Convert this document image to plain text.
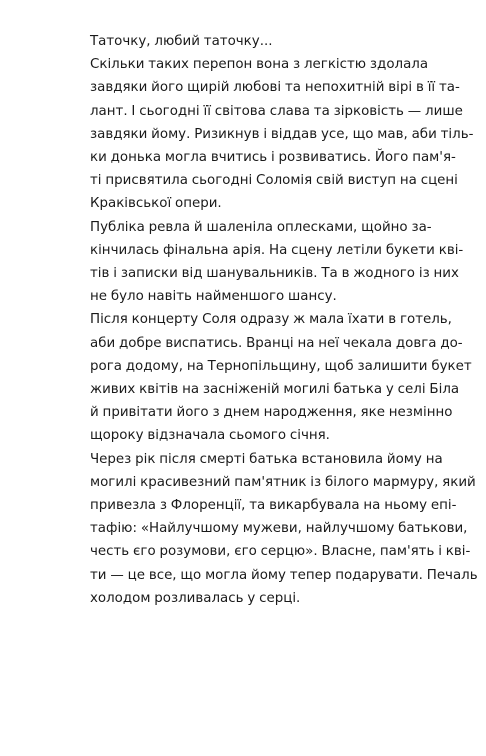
Таточку, любий таточку...
Скільки таких перепон вона з легкістю здолала
завдяки його щирій любові та непохитній вірі в її та-
лант. І сьогодні її світова слава та зірковість — лише
завдяки йому. Ризикнув і віддав усе, що мав, аби тіль-
ки донька могла вчитись і розвиватись. Його пам'я-
ті присвятила сьогодні Соломія свій виступ на сцені
Краківської опери.
Публіка ревла й шаленіла оплесками, щойно за-
кінчилась фінальна арія. На сцену летіли букети кві-
тів і записки від шанувальників. Та в жодного із них
не було навіть найменшого шансу.
Після концерту Соля одразу ж мала їхати в готель,
аби добре виспатись. Вранці на неї чекала довга до-
рога додому, на Тернопільщину, щоб залишити букет
живих квітів на засніженій могилі батька у селі Біла
й привітати його з днем народження, яке незмінно
щороку відзначала сьомого січня.
Через рік після смерті батька встановила йому на
могилі красивезний пам'ятник із білого мармуру, який
привезла з Флоренції, та викарбувала на ньому епі-
тафію: «Найлучшому мужеви, найлучшому батькови,
честь єго розумови, єго серцю». Власне, пам'ять і кві-
ти — це все, що могла йому тепер подарувати. Печаль
холодом розливалась у серці.
